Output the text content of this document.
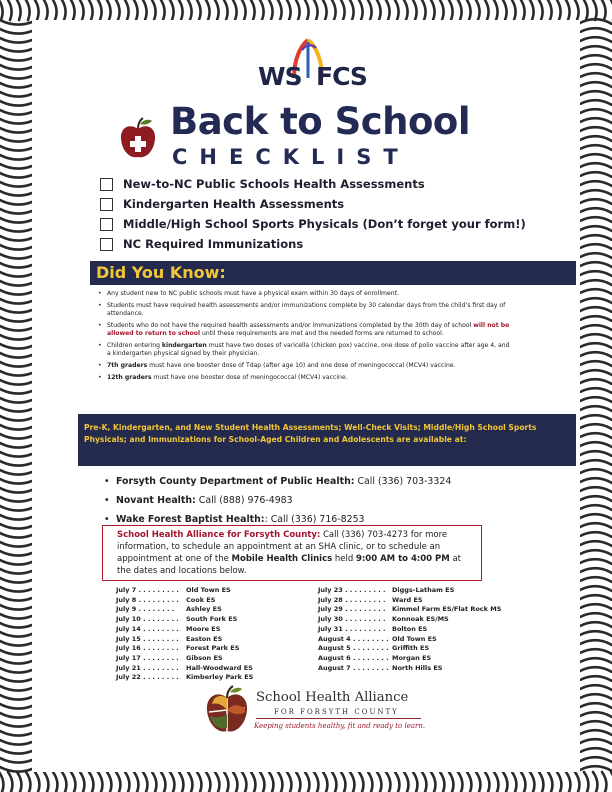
WS FCS
Back to School
CHECKLIST
New-to-NC Public Schools Health Assessments
Kindergarten Health Assessments
Middle/High School Sports Physicals (Don’t forget your form!)
NC Required Immunizations
Did You Know:
• Any student new to NC public schools must have a physical exam within 30 days of enrollment.
• Students must have required health assessments and/or immunizations complete by 30 calendar days from the child’s first day of attendance.
• Students who do not have the required health assessments and/or immunizations completed by the 30th day of school will not be allowed to return to school until these requirements are met and the needed forms are returned to school.
• Children entering kindergarten must have two doses of varicella (chicken pox) vaccine, one dose of polio vaccine after age 4, and a kindergarten physical signed by their physician.
• 7th graders must have one booster dose of Tdap (after age 10) and one dose of meningococcal (MCV4) vaccine.
• 12th graders must have one booster dose of meningococcal (MCV4) vaccine.
Pre-K, Kindergarten, and New Student Health Assessments; Well-Check Visits; Middle/High School Sports Physicals; and Immunizations for School-Aged Children and Adolescents are available at:
• Forsyth County Department of Public Health: Call (336) 703-3324
• Novant Health: Call (888) 976-4983
• Wake Forest Baptist Health:: Call (336) 716-8253
School Health Alliance for Forsyth County: Call (336) 703-4273 for more information, to schedule an appointment at an SHA clinic, or to schedule an appointment at one of the Mobile Health Clinics held 9:00 AM to 4:00 PM at the dates and locations below.
July 7 . . . . . . . . . Old Town ES
July 8 . . . . . . . . . Cook ES
July 9 . . . . . . . . Ashley ES
July 10 . . . . . . . . South Fork ES
July 14 . . . . . . . . Moore ES
July 15 . . . . . . . . Easton ES
July 16 . . . . . . . . Forest Park ES
July 17 . . . . . . . . Gibson ES
July 21 . . . . . . . . Hall-Woodward ES
July 22 . . . . . . . . Kimberley Park ES
July 23 . . . . . . . . . Diggs-Latham ES
July 28 . . . . . . . . . Ward ES
July 29 . . . . . . . . . Kimmel Farm ES/Flat Rock MS
July 30 . . . . . . . . . Konnoak ES/MS
July 31 . . . . . . . . . Bolton ES
August 4 . . . . . . . . Old Town ES
August 5 . . . . . . . . Griffith ES
August 6 . . . . . . . . Morgan ES
August 7 . . . . . . . . North Hills ES
School Health Alliance
FOR FORSYTH COUNTY
Keeping students healthy, fit and ready to learn.
